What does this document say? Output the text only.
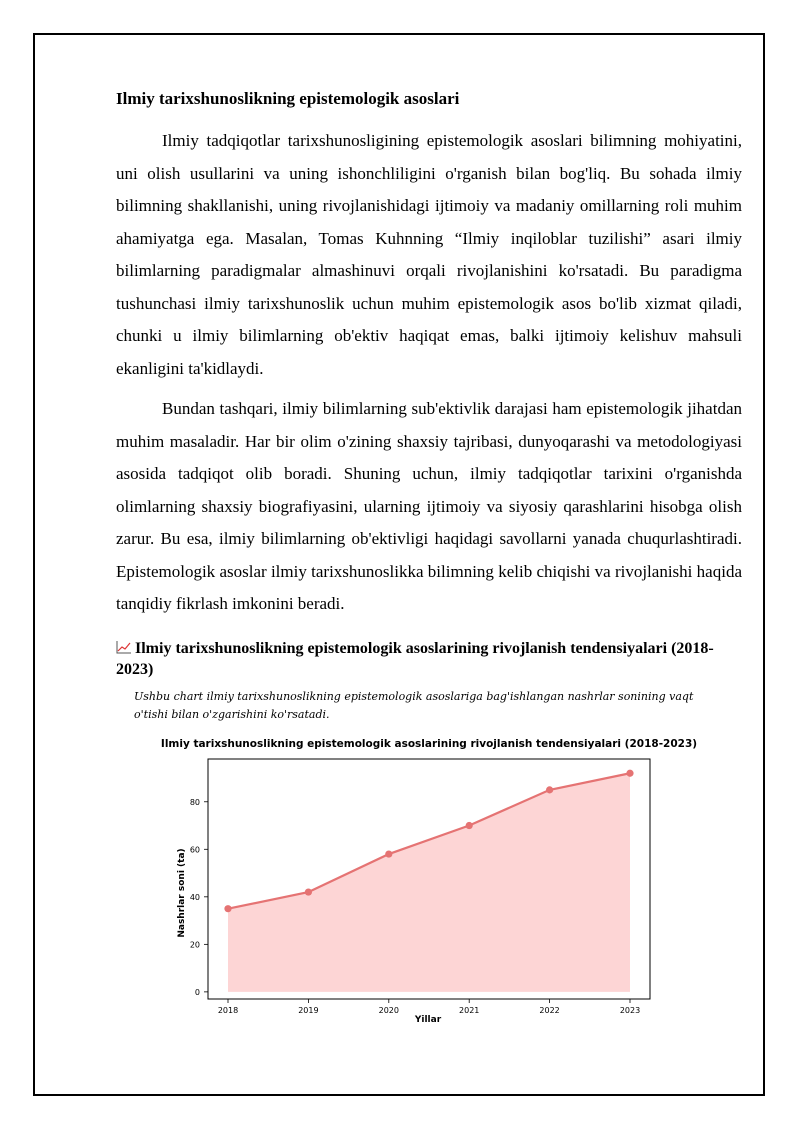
Ilmiy tarixshunoslikning epistemologik asoslari

Ilmiy tadqiqotlar tarixshunosligining epistemologik asoslari bilimning mohiyatini, uni olish usullarini va uning ishonchliligini o'rganish bilan bog'liq. Bu sohada ilmiy bilimning shakllanishi, uning rivojlanishidagi ijtimoiy va madaniy omillarning roli muhim ahamiyatga ega. Masalan, Tomas Kuhnning “Ilmiy inqiloblar tuzilishi” asari ilmiy bilimlarning paradigmalar almashinuvi orqali rivojlanishini ko'rsatadi. Bu paradigma tushunchasi ilmiy tarixshunoslik uchun muhim epistemologik asos bo'lib xizmat qiladi, chunki u ilmiy bilimlarning ob'ektiv haqiqat emas, balki ijtimoiy kelishuv mahsuli ekanligini ta'kidlaydi.

Bundan tashqari, ilmiy bilimlarning sub'ektivlik darajasi ham epistemologik jihatdan muhim masaladir. Har bir olim o'zining shaxsiy tajribasi, dunyoqarashi va metodologiyasi asosida tadqiqot olib boradi. Shuning uchun, ilmiy tadqiqotlar tarixini o'rganishda olimlarning shaxsiy biografiyasini, ularning ijtimoiy va siyosiy qarashlarini hisobga olish zarur. Bu esa, ilmiy bilimlarning ob'ektivligi haqidagi savollarni yanada chuqurlashtiradi. Epistemologik asoslar ilmiy tarixshunoslikka bilimning kelib chiqishi va rivojlanishi haqida tanqidiy fikrlash imkonini beradi.

Ilmiy tarixshunoslikning epistemologik asoslarining rivojlanish tendensiyalari (2018-2023)
Ushbu chart ilmiy tarixshunoslikning epistemologik asoslariga bag'ishlangan nashrlar sonining vaqt o'tishi bilan o'zgarishini ko'rsatadi.
Ilmiy tarixshunoslikning epistemologik asoslarining rivojlanish tendensiyalari (2018-2023)
0
20
40
60
80
2018	2019	2020	2021	2022	2023
Yillar
Nashrlar soni (ta)
